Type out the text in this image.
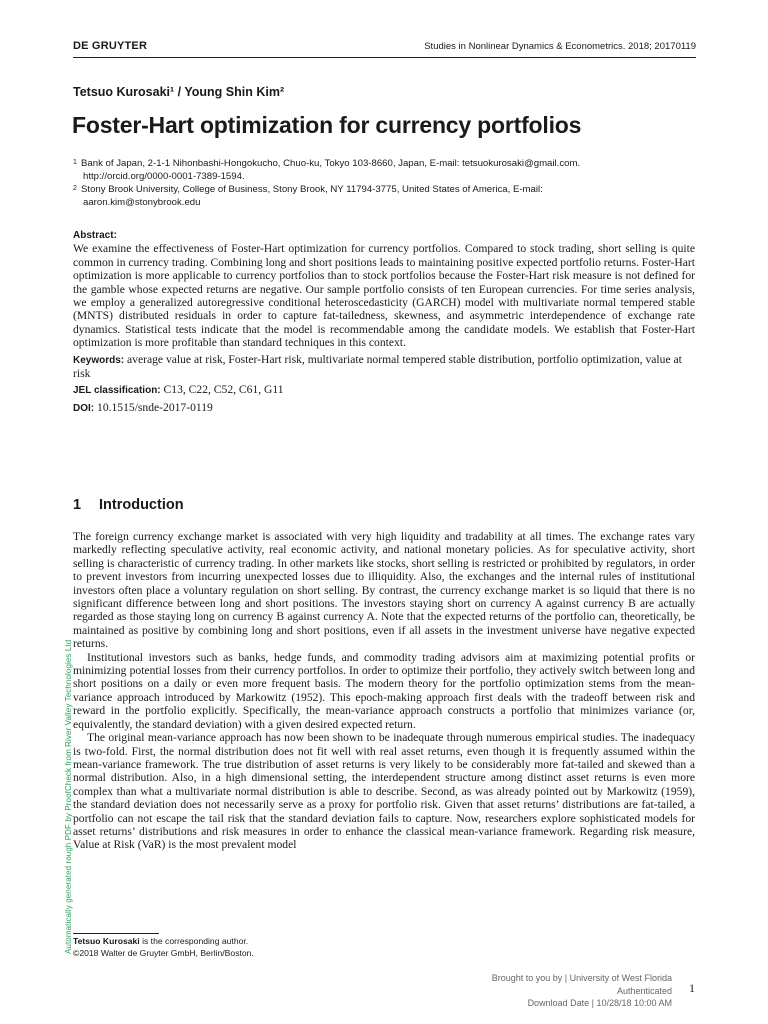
DE GRUYTER	Studies in Nonlinear Dynamics & Econometrics. 2018; 20170119
Tetsuo Kurosaki¹ / Young Shin Kim²
Foster-Hart optimization for currency portfolios
1 Bank of Japan, 2-1-1 Nihonbashi-Hongokucho, Chuo-ku, Tokyo 103-8660, Japan, E-mail: tetsuokurosaki@gmail.com.
http://orcid.org/0000-0001-7389-1594.
2 Stony Brook University, College of Business, Stony Brook, NY 11794-3775, United States of America, E-mail:
aaron.kim@stonybrook.edu
Abstract:

We examine the effectiveness of Foster-Hart optimization for currency portfolios. Compared to stock trading, short selling is quite common in currency trading. Combining long and short positions leads to maintaining positive expected portfolio returns. Foster-Hart optimization is more applicable to currency portfolios than to stock portfolios because the Foster-Hart risk measure is not defined for the gamble whose expected returns are negative. Our sample portfolio consists of ten European currencies. For time series analysis, we employ a generalized autoregressive conditional heteroscedasticity (GARCH) model with multivariate normal tempered stable (MNTS) distributed residuals in order to capture fat-tailedness, skewness, and asymmetric interdependence of exchange rate dynamics. Statistical tests indicate that the model is recommendable among the candidate models. We establish that Foster-Hart optimization is more profitable than standard techniques in this context.

Keywords: average value at risk, Foster-Hart risk, multivariate normal tempered stable distribution, portfolio optimization, value at risk

JEL classification: C13, C22, C52, C61, G11

DOI: 10.1515/snde-2017-0119

1 Introduction

The foreign currency exchange market is associated with very high liquidity and tradability at all times. The exchange rates vary markedly reflecting speculative activity, real economic activity, and national monetary policies. As for speculative activity, short selling is characteristic of currency trading. In other markets like stocks, short selling is restricted or prohibited by regulators, in order to prevent investors from incurring unexpected losses due to illiquidity. Also, the exchanges and the internal rules of institutional investors often place a voluntary regulation on short selling. By contrast, the currency exchange market is so liquid that there is no significant difference between long and short positions. The investors staying short on currency A against currency B are actually regarded as those staying long on currency B against currency A. Note that the expected returns of the portfolio can, theoretically, be maintained as positive by combining long and short positions, even if all assets in the investment universe have negative expected returns.

Institutional investors such as banks, hedge funds, and commodity trading advisors aim at maximizing potential profits or minimizing potential losses from their currency portfolios. In order to optimize their portfolio, they actively switch between long and short positions on a daily or even more frequent basis. The modern theory for the portfolio optimization stems from the mean-variance approach introduced by Markowitz (1952). This epoch-making approach first deals with the tradeoff between risk and reward in the portfolio explicitly. Specifically, the mean-variance approach constructs a portfolio that minimizes variance (or, equivalently, the standard deviation) with a given desired expected return.

The original mean-variance approach has now been shown to be inadequate through numerous empirical studies. The inadequacy is two-fold. First, the normal distribution does not fit well with real asset returns, even though it is frequently assumed within the mean-variance framework. The true distribution of asset returns is very likely to be considerably more fat-tailed and skewed than a normal distribution. Also, in a high dimensional setting, the interdependent structure among distinct asset returns is even more complex than what a multivariate normal distribution is able to describe. Second, as was already pointed out by Markowitz (1959), the standard deviation does not necessarily serve as a proxy for portfolio risk. Given that asset returns’ distributions are fat-tailed, a portfolio can not escape the tail risk that the standard deviation fails to capture. Now, researchers explore sophisticated models for asset returns’ distributions and risk measures in order to enhance the classical mean-variance framework. Regarding risk measure, Value at Risk (VaR) is the most prevalent model

Tetsuo Kurosaki is the corresponding author.
©2018 Walter de Gruyter GmbH, Berlin/Boston.
Automatically generated rough PDF by ProofCheck from River Valley Technologies Ltd
Brought to you by | University of West Florida
Authenticated
Download Date | 10/28/18 10:00 AM
1
